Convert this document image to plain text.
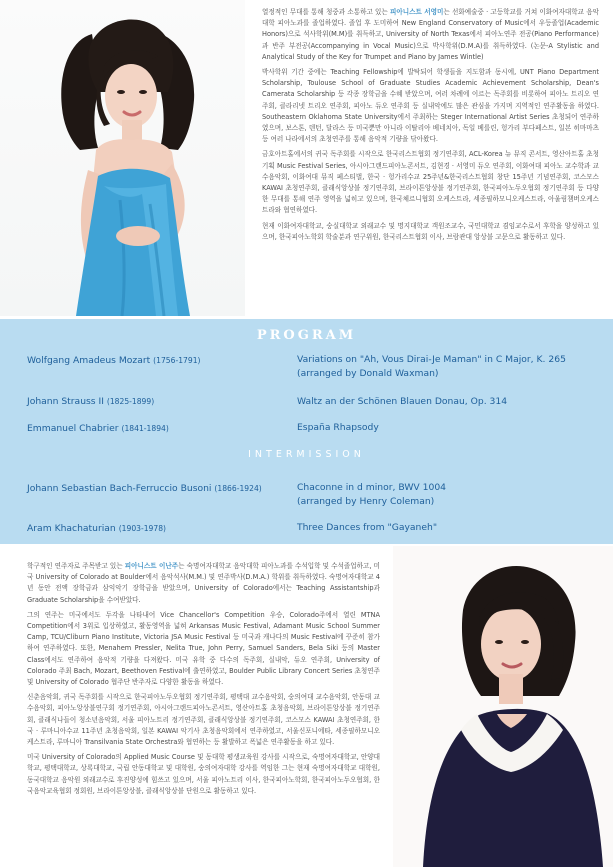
열정적인 무대를 통해 청중과 소통하고 있는 피아니스트 서영미는 선화예술중 · 고등학교를 거쳐 이화여자대학교 음악대학 피아노과를 졸업하였다. 졸업 후 도미하여 New England Conservatory of Music에서 우등졸업(Academic Honors)으로 석사학위(M.M)를 취득하고, University of North Texas에서 피아노연주 전공(Piano Performance)과 반주 부전공(Accompanying in Vocal Music)으로 박사학위(D.M.A)를 취득하였다. (논문-A Stylistic and Analytical Study of the Key for Trumpet and Piano by James Wintle)

박사학위 기간 중에는 Teaching Fellowship에 발탁되어 학생들을 지도함과 동시에, UNT Piano Department Scholarship, Toulouse School of Graduate Studies Academic Achievement Scholarship, Dean's Camerata Scholarship 등 각종 장학금을 수혜 받았으며, 여러 차례에 이르는 독주회를 비롯하여 피아노 트리오 연주회, 클라리넷 트리오 연주회, 피아노 듀오 연주회 등 실내악에도 많은 관심을 가지며 지역적인 연주활동을 하였다. Southeastern Oklahoma State University에서 주최하는 Steger International Artist Series 초청되어 연주하였으며, 보스톤, 덴턴, 달라스 등 미국뿐만 아니라 이탈리아 베네치아, 독일 베를린, 헝가리 부다페스트, 일본 히마마츠 등 여러 나라에서의 초청연주를 통해 음악적 기량을 닦아왔다.

금호아트홀에서의 귀국 독주회를 시작으로 한국리스트협회 정기연주회, ACL-Korea 뉴 뮤직 콘서트, 영산아트홀 초청기획 Music Festival Series, 아시아그랜드피아노콘서트, 김현경 · 서영미 듀오 연주회, 이화여대 피아노 교수학과 교수음악회, 이화여대 뮤직 페스티벌, 한국 · 헝가리수교 25주년&한국리스트협회 창단 15주년 기념연주회, 코스모스 KAWAI 초청연주회, 클래식앙상블 정기연주회, 브라이튼앙상블 정기연주회, 한국피아노두오협회 정기연주회 등 다양한 무대를 통해 연주 영역을 넓히고 있으며, 한국체르니협회 오케스트라, 세종필하모니오케스트라, 아울림챔버오케스트라와 협연하였다.

현재 이화여자대학교, 숭실대학교 외래교수 및 명지대학교 객원조교수, 국민대학교 겸임교수로서 후학을 양성하고 있으며, 한국피아노학회 학술분과 연구위원, 한국리스트협회 이사, 브람관대 앙상블 고문으로 활동하고 있다.

PROGRAM
Wolfgang Amadeus Mozart (1756-1791)	Variations on "Ah, Vous Dirai-Je Maman" in C Major, K. 265
(arranged by Donald Waxman)
Johann Strauss II (1825-1899)	Waltz an der Schönen Blauen Donau, Op. 314
Emmanuel Chabrier (1841-1894)	España Rhapsody
INTERMISSION
Johann Sebastian Bach-Ferruccio Busoni (1866-1924)	Chaconne in d minor, BWV 1004
(arranged by Henry Coleman)
Aram Khachaturian (1903-1978)	Three Dances from "Gayaneh"

학구적인 연주자로 주목받고 있는 피아니스트 이난주는 숙명여자대학교 음악대학 피아노과를 수석입학 및 수석졸업하고, 미국 University of Colorado at Boulder에서 음악석사(M.M.) 및 연주박사(D.M.A.) 학위를 취득하였다. 숙명여자대학교 4년 동안 전액 장학금과 삼익악기 장학금을 받았으며, University of Colorado에서는 Teaching Assistantship과 Graduate Scholarship을 수여받았다.

그의 연주는 미국에서도 두각을 나타내어 Vice Chancellor's Competition 우승, Colorado주에서 열린 MTNA Competition에서 3위로 입상하였고, 활동영역을 넓혀 Arkansas Music Festival, Adamant Music School Summer Camp, TCU/Cliburn Piano Institute, Victoria JSA Music Festival 등 미국과 캐나다의 Music Festival에 꾸준히 참가하여 연주하였다. 또한, Menahem Pressler, Nelita True, John Perry, Samuel Sanders, Bela Siki 등의 Master Class에서도 연주하여 음악적 기량을 다져왔다. 미국 유학 중 다수의 독주회, 실내악, 듀오 연주회, University of Colorado 주최 Bach, Mozart, Beethoven Festival에 출연하였고, Boulder Public Library Concert Series 초청연주 및 University of Colorado 협주단 반주자로 다양한 활동을 하였다.

신춘음악회, 귀국 독주회를 시작으로 한국피아노두오협회 정기연주회, 평택대 교수음악회, 숭의여대 교수음악회, 안동대 교수음악회, 피아노앙상블연구회 정기연주회, 아시아그랜드피아노콘서트, 영산아트홀 초청음악회, 브라이튼앙상블 정기연주회, 클래식나들이 청소년음악회, 서울 피아노트리 정기연주회, 클래식앙상블 정기연주회, 코스모스 KAWAI 초청연주회, 한국 · 루마니아수교 11주년 초청음악회, 일본 KAWAI 악기사 초청음악회에서 연주하였고, 서울신포니에타, 세종필하모니오케스트라, 루마니아 Transilvania State Orchestra와 협연하는 등 활발하고 폭넓은 연주활동을 하고 있다.

미국 University of Colorado의 Applied Music Course 및 동대학 평생교육원 강사를 시작으로, 숙명여자대학교, 안양대학교, 평택대학교, 상록대학교, 국립 안동대학교 및 대학원, 숭의여자대학 강사를 역임한 그는 현재 숙명여자대학교 대학원, 동국대학교 음악원 외래교수로 후진양성에 힘쓰고 있으며, 서울 피아노트리 이사, 한국피아노학회, 한국피아노두오협회, 한국음악교육협회 정회원, 브라이튼앙상블, 클래식앙상블 단원으로 활동하고 있다.
